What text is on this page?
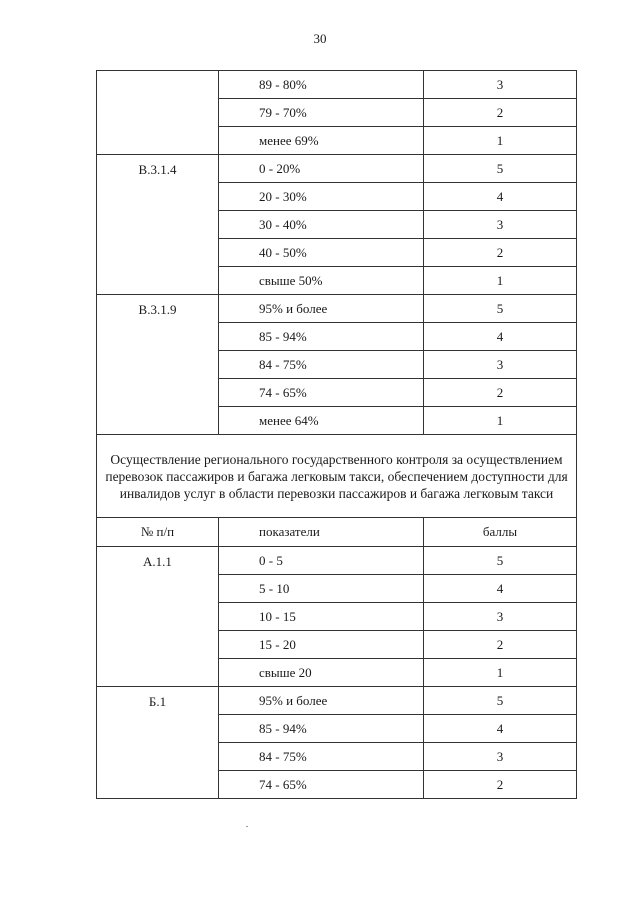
30
	89 - 80%	3
	79 - 70%	2
	менее 69%	1
В.3.1.4	0 - 20%	5
	20 - 30%	4
	30 - 40%	3
	40 - 50%	2
	свыше 50%	1
В.3.1.9	95% и более	5
	85 - 94%	4
	84 - 75%	3
	74 - 65%	2
	менее 64%	1
Осуществление регионального государственного контроля за осуществлением перевозок пассажиров и багажа легковым такси, обеспечением доступности для инвалидов услуг в области перевозки пассажиров и багажа легковым такси		
№ п/п	показатели	баллы
А.1.1	0 - 5	5
	5 - 10	4
	10 - 15	3
	15 - 20	2
	свыше 20	1
Б.1	95% и более	5
	85 - 94%	4
	84 - 75%	3
	74 - 65%	2
